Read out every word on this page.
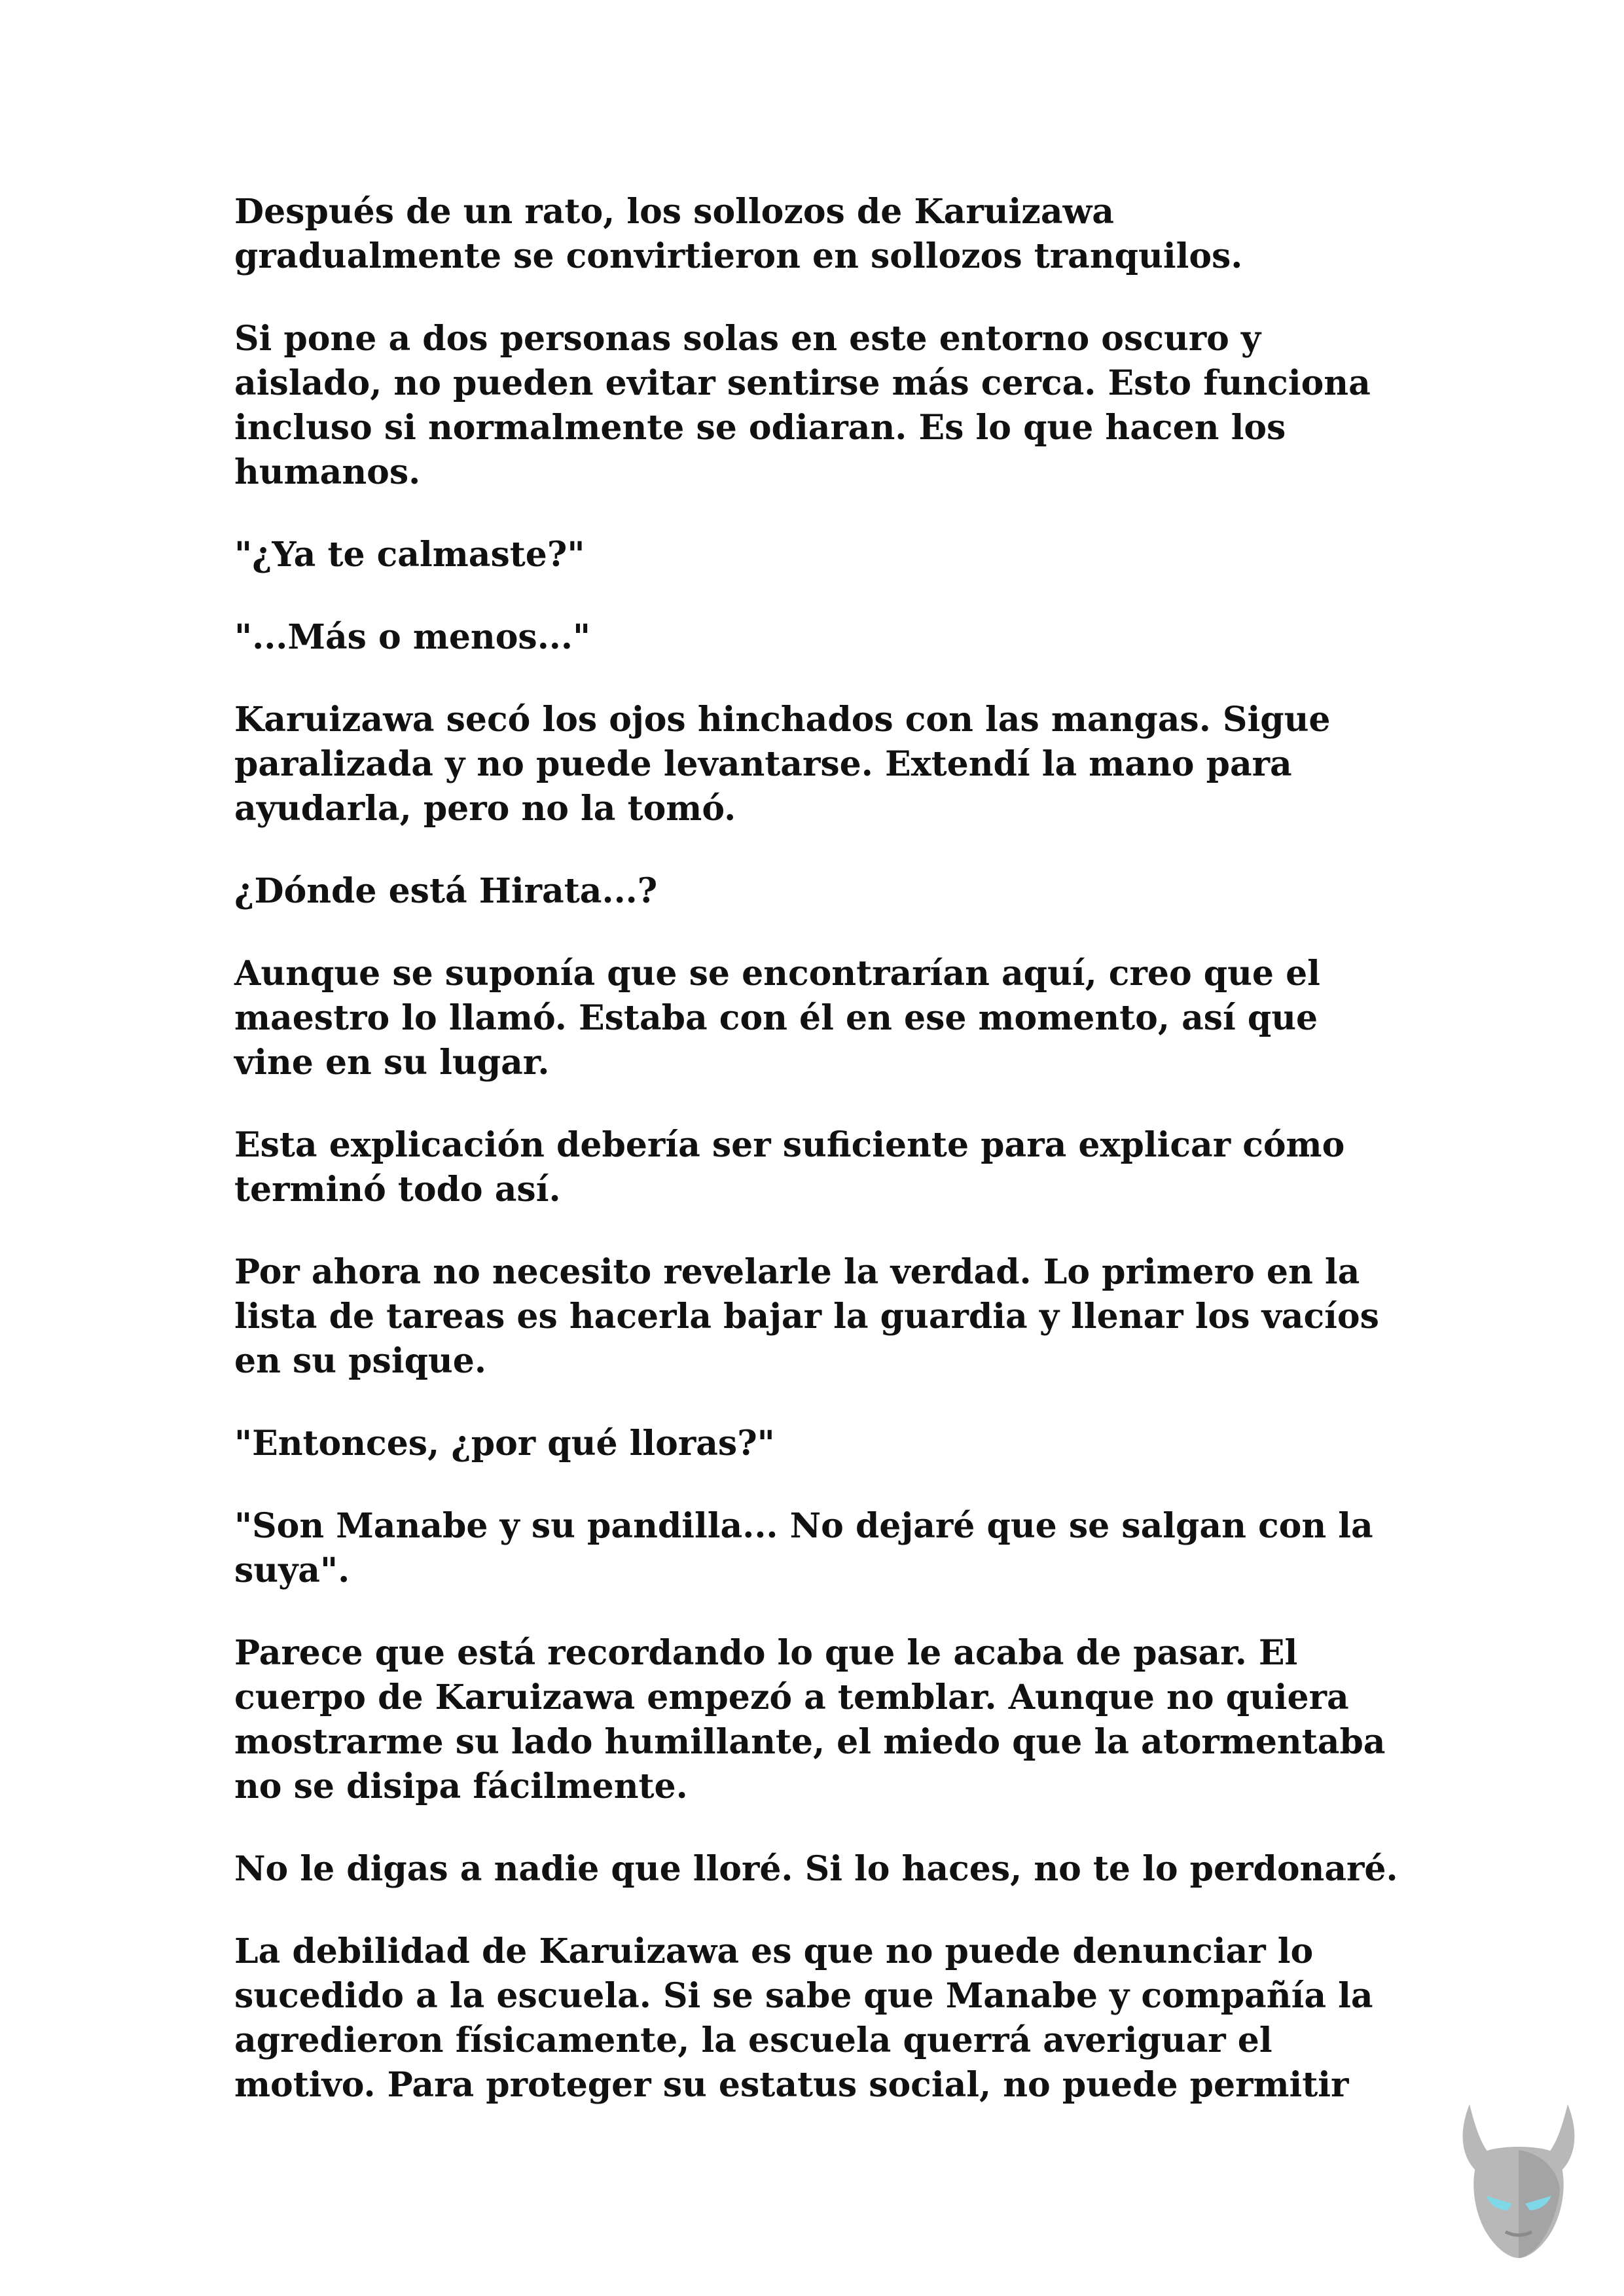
Después de un rato, los sollozos de Karuizawa
gradualmente se convirtieron en sollozos tranquilos.

Si pone a dos personas solas en este entorno oscuro y
aislado, no pueden evitar sentirse más cerca. Esto funciona
incluso si normalmente se odiaran. Es lo que hacen los
humanos.

"¿Ya te calmaste?"

"...Más o menos..."

Karuizawa secó los ojos hinchados con las mangas. Sigue
paralizada y no puede levantarse. Extendí la mano para
ayudarla, pero no la tomó.

¿Dónde está Hirata...?

Aunque se suponía que se encontrarían aquí, creo que el
maestro lo llamó. Estaba con él en ese momento, así que
vine en su lugar.

Esta explicación debería ser suficiente para explicar cómo
terminó todo así.

Por ahora no necesito revelarle la verdad. Lo primero en la
lista de tareas es hacerla bajar la guardia y llenar los vacíos
en su psique.

"Entonces, ¿por qué lloras?"

"Son Manabe y su pandilla... No dejaré que se salgan con la
suya".

Parece que está recordando lo que le acaba de pasar. El
cuerpo de Karuizawa empezó a temblar. Aunque no quiera
mostrarme su lado humillante, el miedo que la atormentaba
no se disipa fácilmente.

No le digas a nadie que lloré. Si lo haces, no te lo perdonaré.

La debilidad de Karuizawa es que no puede denunciar lo
sucedido a la escuela. Si se sabe que Manabe y compañía la
agredieron físicamente, la escuela querrá averiguar el
motivo. Para proteger su estatus social, no puede permitir
